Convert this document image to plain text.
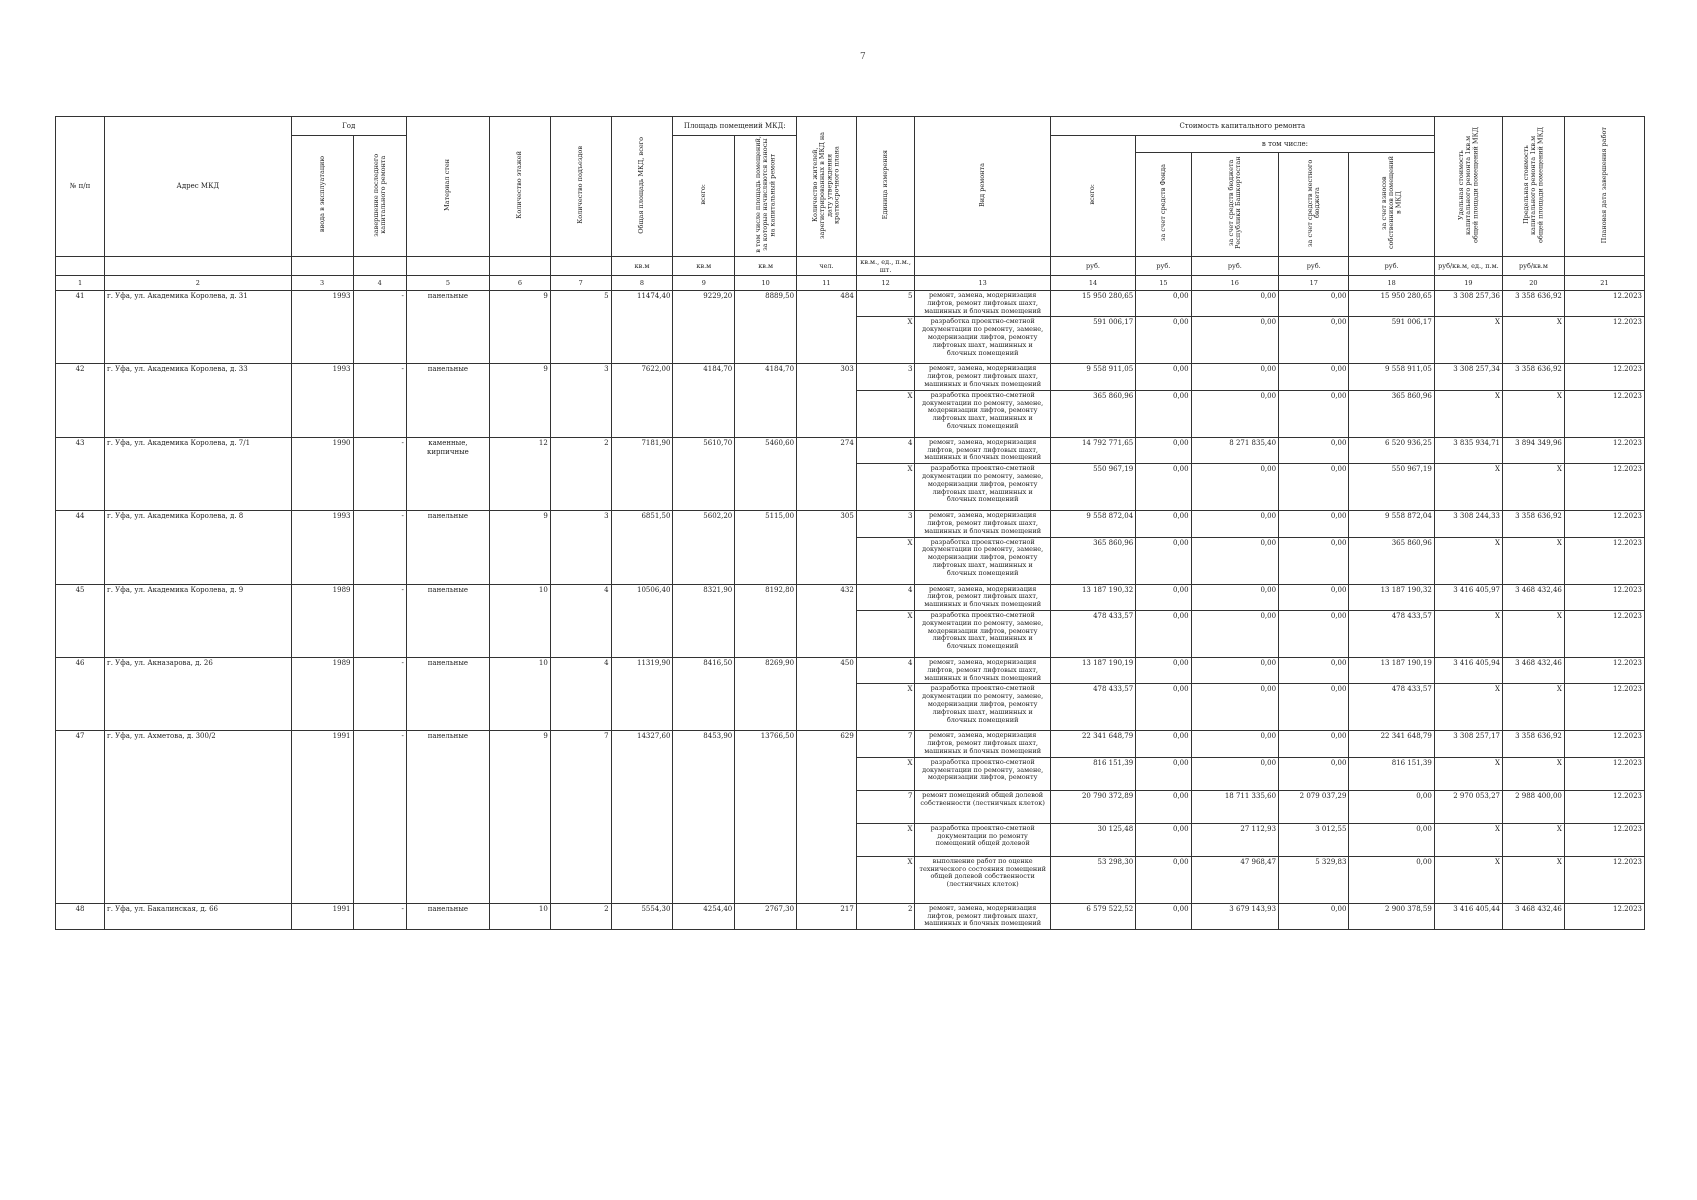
7
№ п/п	Адрес МКД	Год		Материал стен	Количество этажей	Количество подъездов	Общая площадь МКД, всего	Площадь помещений МКД:		Количество жителей, зарегистрированных в МКД на дату утверждения краткосрочного плана	Единица измерения	Вид ремонта	Стоимость капитального ремонта					Удельная стоимость капитального ремонта 1кв.м общей площади помещений МКД	Предельная стоимость капитального ремонта 1кв.м общей площади помещений МКД	Плановая дата завершения работ
		ввода в эксплуатацию	завершение последнего капитального ремонта					всего:	в том числе площадь помещений, за которые начисляются взносы на капитальный ремонт				всего:	в том числе:						
														за счет средств Фонда	за счет средств бюджета Республики Башкортостан	за счет средств местного бюджета	за счет взносов собственников помещений в МКД			
							кв.м	кв.м	кв.м	чел.	кв.м., ед., п.м., шт.		руб.	руб.	руб.	руб.	руб.	руб/кв.м, ед., п.м.	руб/кв.м	
1	2	3	4	5	6	7	8	9	10	11	12	13	14	15	16	17	18	19	20	21
41	г. Уфа, ул. Академика Королева, д. 31	1993	-	панельные	9	5	11474,40	9229,20	8889,50	484	5	ремонт, замена, модернизация лифтов, ремонт лифтовых шахт, машинных и блочных помещений	15 950 280,65	0,00	0,00	0,00	15 950 280,65	3 308 257,36	3 358 636,92	12.2023
											X	разработка проектно-сметной документации по ремонту, замене, модернизации лифтов, ремонту лифтовых шахт, машинных и блочных помещений	591 006,17	0,00	0,00	0,00	591 006,17	X	X	12.2023
42	г. Уфа, ул. Академика Королева, д. 33	1993	-	панельные	9	3	7622,00	4184,70	4184,70	303	3	ремонт, замена, модернизация лифтов, ремонт лифтовых шахт, машинных и блочных помещений	9 558 911,05	0,00	0,00	0,00	9 558 911,05	3 308 257,34	3 358 636,92	12.2023
											X	разработка проектно-сметной документации по ремонту, замене, модернизации лифтов, ремонту лифтовых шахт, машинных и блочных помещений	365 860,96	0,00	0,00	0,00	365 860,96	X	X	12.2023
43	г. Уфа, ул. Академика Королева, д. 7/1	1990	-	каменные, кирпичные	12	2	7181,90	5610,70	5460,60	274	4	ремонт, замена, модернизация лифтов, ремонт лифтовых шахт, машинных и блочных помещений	14 792 771,65	0,00	8 271 835,40	0,00	6 520 936,25	3 835 934,71	3 894 349,96	12.2023
											X	разработка проектно-сметной документации по ремонту, замене, модернизации лифтов, ремонту лифтовых шахт, машинных и блочных помещений	550 967,19	0,00	0,00	0,00	550 967,19	X	X	12.2023
44	г. Уфа, ул. Академика Королева, д. 8	1993	-	панельные	9	3	6851,50	5602,20	5115,00	305	3	ремонт, замена, модернизация лифтов, ремонт лифтовых шахт, машинных и блочных помещений	9 558 872,04	0,00	0,00	0,00	9 558 872,04	3 308 244,33	3 358 636,92	12.2023
											X	разработка проектно-сметной документации по ремонту, замене, модернизации лифтов, ремонту лифтовых шахт, машинных и блочных помещений	365 860,96	0,00	0,00	0,00	365 860,96	X	X	12.2023
45	г. Уфа, ул. Академика Королева, д. 9	1989	-	панельные	10	4	10506,40	8321,90	8192,80	432	4	ремонт, замена, модернизация лифтов, ремонт лифтовых шахт, машинных и блочных помещений	13 187 190,32	0,00	0,00	0,00	13 187 190,32	3 416 405,97	3 468 432,46	12.2023
											X	разработка проектно-сметной документации по ремонту, замене, модернизации лифтов, ремонту лифтовых шахт, машинных и блочных помещений	478 433,57	0,00	0,00	0,00	478 433,57	X	X	12.2023
46	г. Уфа, ул. Акназарова, д. 26	1989	-	панельные	10	4	11319,90	8416,50	8269,90	450	4	ремонт, замена, модернизация лифтов, ремонт лифтовых шахт, машинных и блочных помещений	13 187 190,19	0,00	0,00	0,00	13 187 190,19	3 416 405,94	3 468 432,46	12.2023
											X	разработка проектно-сметной документации по ремонту, замене, модернизации лифтов, ремонту лифтовых шахт, машинных и блочных помещений	478 433,57	0,00	0,00	0,00	478 433,57	X	X	12.2023
47	г. Уфа, ул. Ахметова, д. 300/2	1991	-	панельные	9	7	14327,60	8453,90	13766,50	629	7	ремонт, замена, модернизация лифтов, ремонт лифтовых шахт, машинных и блочных помещений	22 341 648,79	0,00	0,00	0,00	22 341 648,79	3 308 257,17	3 358 636,92	12.2023
											X	разработка проектно-сметной документации по ремонту, замене, модернизации лифтов, ремонту	816 151,39	0,00	0,00	0,00	816 151,39	X	X	12.2023
											7	ремонт помещений общей долевой собственности (лестничных клеток)	20 790 372,89	0,00	18 711 335,60	2 079 037,29	0,00	2 970 053,27	2 988 400,00	12.2023
											X	разработка проектно-сметной документации по ремонту помещений общей долевой	30 125,48	0,00	27 112,93	3 012,55	0,00	X	X	12.2023
											X	выполнение работ по оценке технического состояния помещений общей долевой собственности (лестничных клеток)	53 298,30	0,00	47 968,47	5 329,83	0,00	X	X	12.2023
48	г. Уфа, ул. Бакалинская, д. 66	1991	-	панельные	10	2	5554,30	4254,40	2767,30	217	2	ремонт, замена, модернизация лифтов, ремонт лифтовых шахт, машинных и блочных помещений	6 579 522,52	0,00	3 679 143,93	0,00	2 900 378,59	3 416 405,44	3 468 432,46	12.2023
